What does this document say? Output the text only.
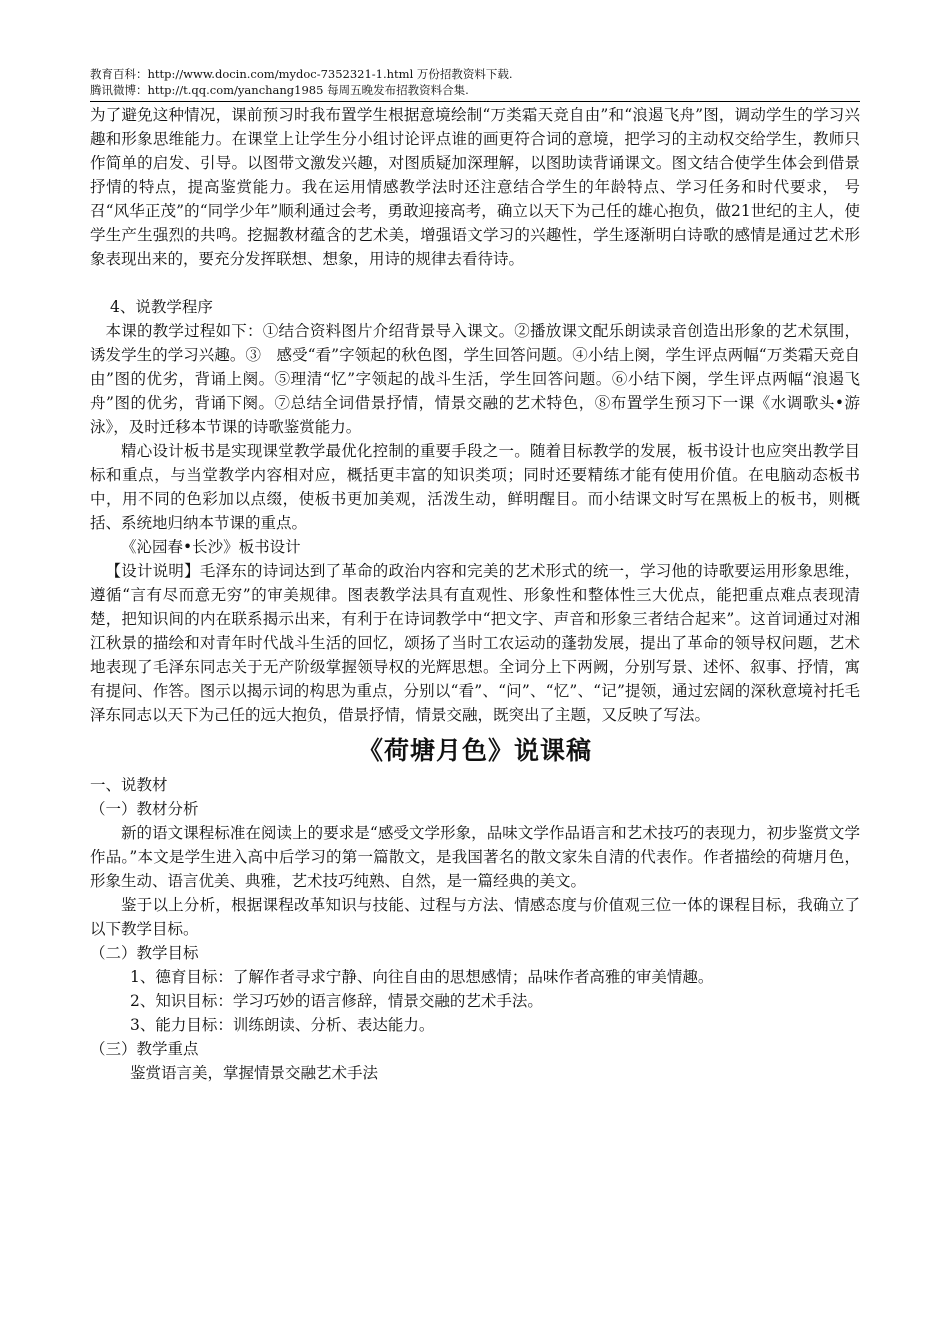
教育百科：http://www.docin.com/mydoc-7352321-1.html 万份招教资料下载.
腾讯微博：http://t.qq.com/yanchang1985 每周五晚发布招教资料合集.

为了避免这种情况，课前预习时我布置学生根据意境绘制“万类霜天竞自由”和“浪遏飞舟”图，调动学生的学习兴趣和形象思维能力。在课堂上让学生分小组讨论评点谁的画更符合词的意境，把学习的主动权交给学生，教师只作简单的启发、引导。以图带文激发兴趣，对图质疑加深理解，以图助读背诵课文。图文结合使学生体会到借景抒情的特点，提高鉴赏能力。我在运用情感教学法时还注意结合学生的年龄特点、学习任务和时代要求， 号召“风华正茂”的“同学少年”顺利通过会考，勇敢迎接高考，确立以天下为己任的雄心抱负，做21世纪的主人，使学生产生强烈的共鸣。挖掘教材蕴含的艺术美，增强语文学习的兴趣性，学生逐渐明白诗歌的感情是通过艺术形象表现出来的，要充分发挥联想、想象，用诗的规律去看待诗。

4、说教学程序

本课的教学过程如下：①结合资料图片介绍背景导入课文。②播放课文配乐朗读录音创造出形象的艺术氛围，诱发学生的学习兴趣。③　感受“看”字领起的秋色图，学生回答问题。④小结上阕，学生评点两幅“万类霜天竞自由”图的优劣，背诵上阕。⑤理清“忆”字领起的战斗生活，学生回答问题。⑥小结下阕，学生评点两幅“浪遏飞舟”图的优劣，背诵下阕。⑦总结全词借景抒情，情景交融的艺术特色，⑧布置学生预习下一课《水调歌头•游泳》，及时迁移本节课的诗歌鉴赏能力。

精心设计板书是实现课堂教学最优化控制的重要手段之一。随着目标教学的发展，板书设计也应突出教学目标和重点，与当堂教学内容相对应，概括更丰富的知识类项；同时还要精练才能有使用价值。在电脑动态板书中，用不同的色彩加以点缀，使板书更加美观，活泼生动，鲜明醒目。而小结课文时写在黑板上的板书，则概括、系统地归纳本节课的重点。

《沁园春•长沙》板书设计

【设计说明】毛泽东的诗词达到了革命的政治内容和完美的艺术形式的统一，学习他的诗歌要运用形象思维，遵循“言有尽而意无穷”的审美规律。图表教学法具有直观性、形象性和整体性三大优点，能把重点难点表现清楚，把知识间的内在联系揭示出来，有利于在诗词教学中“把文字、声音和形象三者结合起来”。这首词通过对湘江秋景的描绘和对青年时代战斗生活的回忆，颂扬了当时工农运动的蓬勃发展，提出了革命的领导权问题，艺术地表现了毛泽东同志关于无产阶级掌握领导权的光辉思想。全词分上下两阙，分别写景、述怀、叙事、抒情，寓有提问、作答。图示以揭示词的构思为重点，分别以“看”、“问”、“忆”、“记”提领，通过宏阔的深秋意境衬托毛泽东同志以天下为己任的远大抱负，借景抒情，情景交融，既突出了主题，又反映了写法。

《荷塘月色》说课稿

一、说教材

（一）教材分析

新的语文课程标准在阅读上的要求是“感受文学形象，品味文学作品语言和艺术技巧的表现力，初步鉴赏文学作品。”本文是学生进入高中后学习的第一篇散文，是我国著名的散文家朱自清的代表作。作者描绘的荷塘月色，形象生动、语言优美、典雅，艺术技巧纯熟、自然，是一篇经典的美文。

鉴于以上分析，根据课程改革知识与技能、过程与方法、情感态度与价值观三位一体的课程目标，我确立了以下教学目标。

（二）教学目标

1、德育目标：了解作者寻求宁静、向往自由的思想感情；品味作者高雅的审美情趣。

2、知识目标：学习巧妙的语言修辞，情景交融的艺术手法。

3、能力目标：训练朗读、分析、表达能力。

（三）教学重点

鉴赏语言美，掌握情景交融艺术手法
